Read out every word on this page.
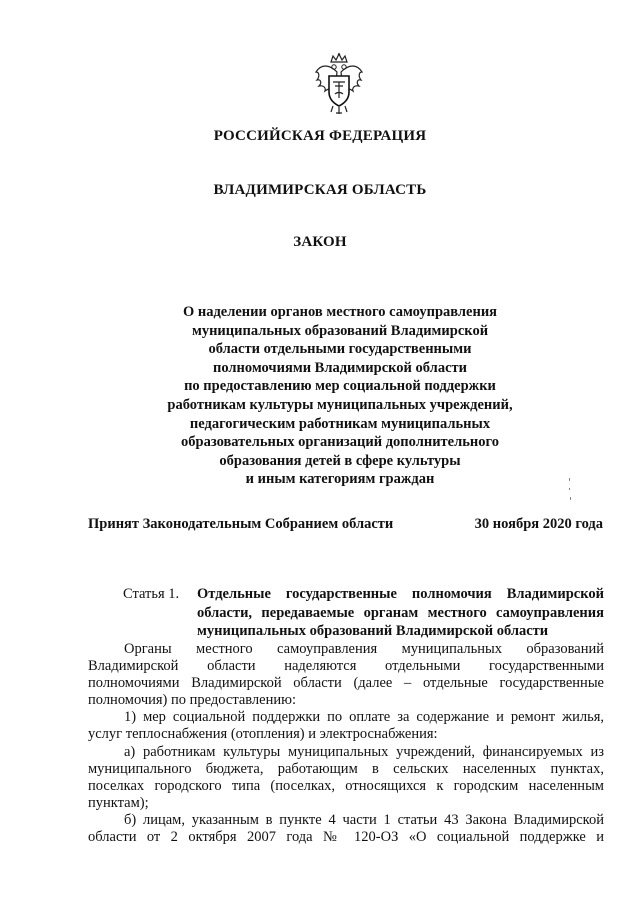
РОССИЙСКАЯ ФЕДЕРАЦИЯ
ВЛАДИМИРСКАЯ ОБЛАСТЬ
ЗАКОН
О наделении органов местного самоуправления
муниципальных образований Владимирской
области отдельными государственными
полномочиями Владимирской области
по предоставлению мер социальной поддержки
работникам культуры муниципальных учреждений,
педагогическим работникам муниципальных
образовательных организаций дополнительного
образования детей в сфере культуры
и иным категориям граждан
Принят Законодательным Собранием области	30 ноября 2020 года
Статья 1. Отдельные государственные полномочия Владимирской
области, передаваемые органам местного самоуправления
муниципальных образований Владимирской области
Органы местного самоуправления муниципальных образований
Владимирской области наделяются отдельными государственными
полномочиями Владимирской области (далее – отдельные государственные
полномочия) по предоставлению:
1) мер социальной поддержки по оплате за содержание и ремонт жилья,
услуг теплоснабжения (отопления) и электроснабжения:
а) работникам культуры муниципальных учреждений, финансируемых из
муниципального бюджета, работающим в сельских населенных пунктах,
поселках городского типа (поселках, относящихся к городским населенным
пунктам);
б) лицам, указанным в пункте 4 части 1 статьи 43 Закона Владимирской
области от 2 октября 2007 года № 120-ОЗ «О социальной поддержке и
